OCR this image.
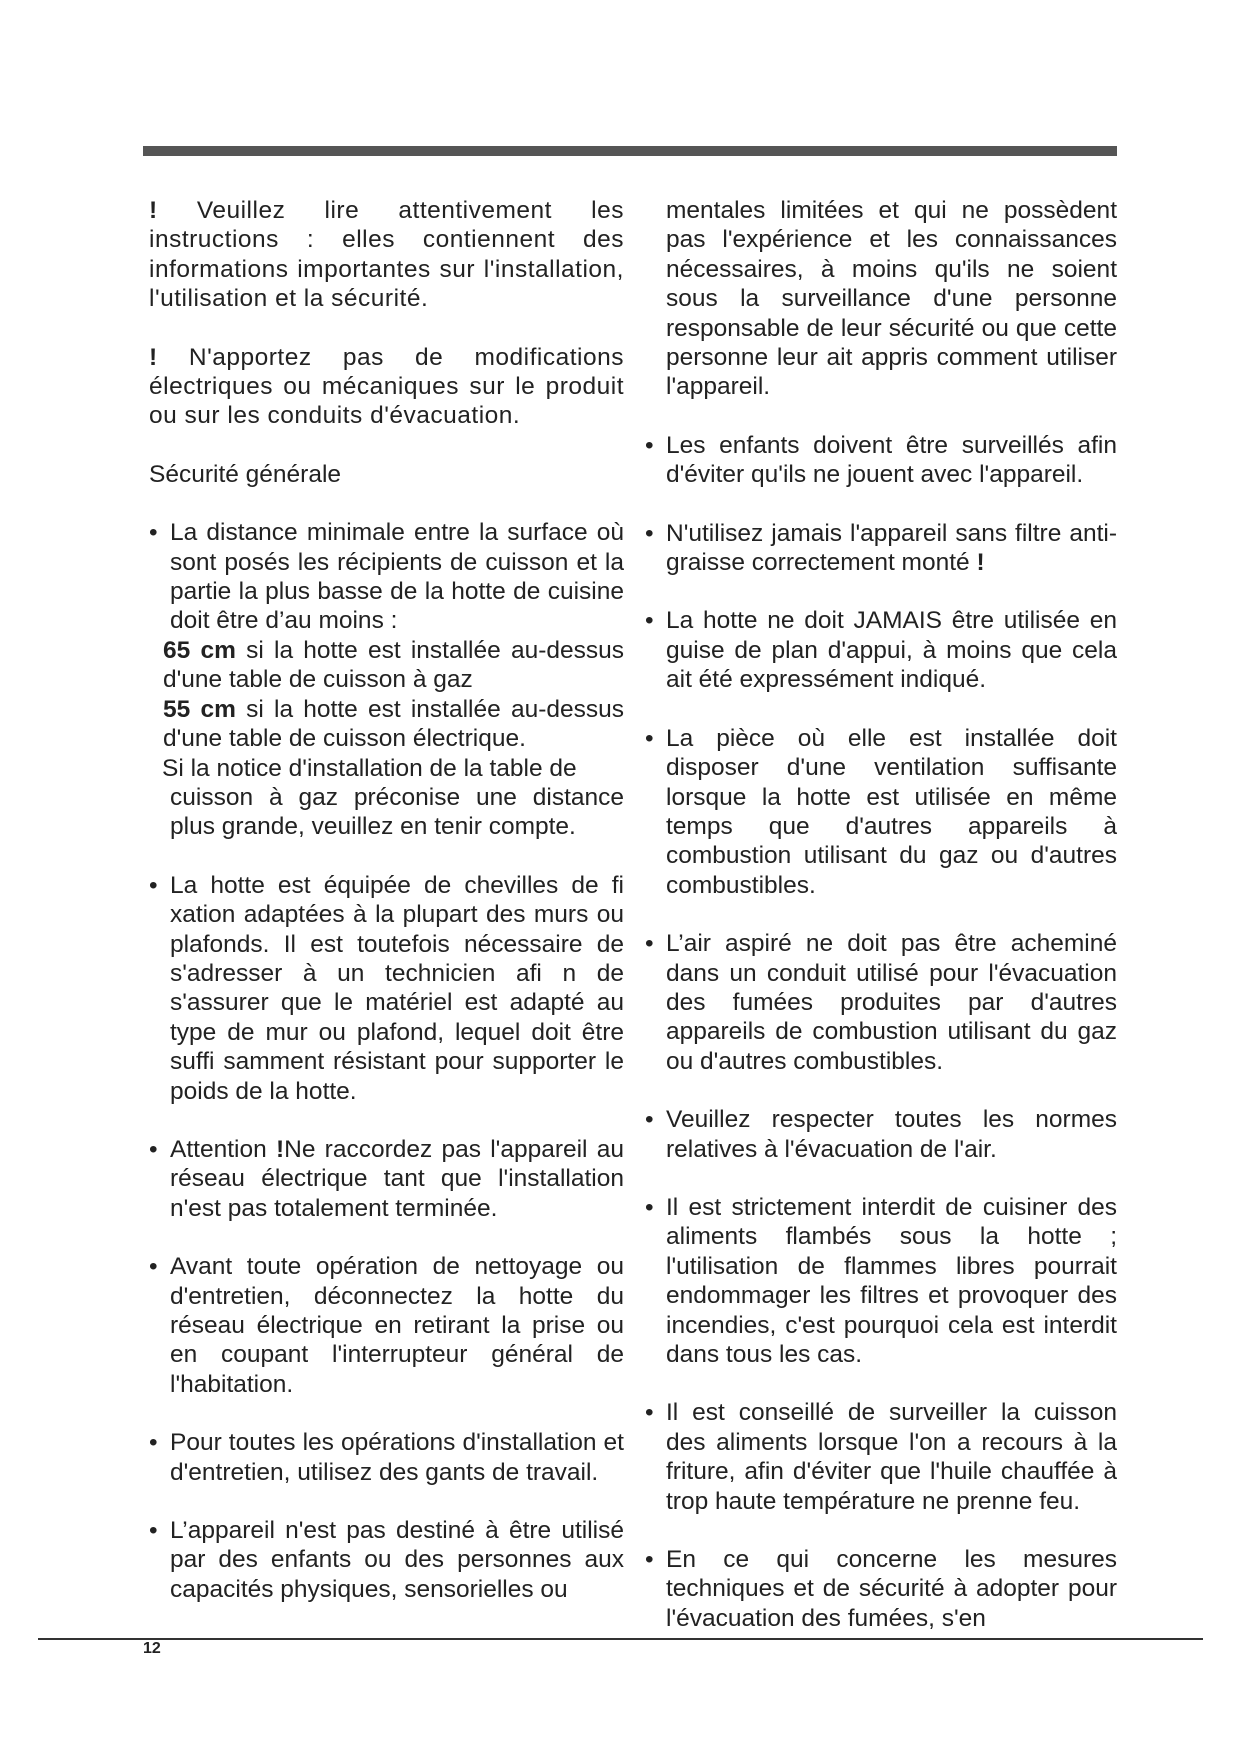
! Veuillez lire attentivement les instructions : elles contiennent des informations importantes sur l'installation, l'utilisation et la sécurité.

! N'apportez pas de modifications électriques ou mécaniques sur le produit ou sur les conduits d'évacuation.

Sécurité générale

• La distance minimale entre la surface où sont posés les récipients de cuisson et la partie la plus basse de la hotte de cuisine doit être d’au moins :
65 cm si la hotte est installée au-dessus d'une table de cuisson à gaz
55 cm si la hotte est installée au-dessus d'une table de cuisson électrique.
Si la notice d'installation de la table de
cuisson à gaz préconise une distance plus grande, veuillez en tenir compte.

• La hotte est équipée de chevilles de fi xation adaptées à la plupart des murs ou plafonds. Il est toutefois nécessaire de s'adresser à un technicien afi n de s'assurer que le matériel est adapté au type de mur ou plafond, lequel doit être suffi samment résistant pour supporter le poids de la hotte.

• Attention !Ne raccordez pas l'appareil au réseau électrique tant que l'installation n'est pas totalement terminée.

• Avant toute opération de nettoyage ou d'entretien, déconnectez la hotte du réseau électrique en retirant la prise ou en coupant l'interrupteur général de l'habitation.

• Pour toutes les opérations d'installation et d'entretien, utilisez des gants de travail.

• L’appareil n'est pas destiné à être utilisé par des enfants ou des personnes aux capacités physiques, sensorielles ou

mentales limitées et qui ne possèdent pas l'expérience et les connaissances nécessaires, à moins qu'ils ne soient sous la surveillance d'une personne responsable de leur sécurité ou que cette personne leur ait appris comment utiliser l'appareil.

• Les enfants doivent être surveillés afin d'éviter qu'ils ne jouent avec l'appareil.

• N'utilisez jamais l'appareil sans filtre anti-graisse correctement monté !

• La hotte ne doit JAMAIS être utilisée en guise de plan d'appui, à moins que cela ait été expressément indiqué.

• La pièce où elle est installée doit disposer d'une ventilation suffisante lorsque la hotte est utilisée en même temps que d'autres appareils à combustion utilisant du gaz ou d'autres combustibles.

• L’air aspiré ne doit pas être acheminé dans un conduit utilisé pour l'évacuation des fumées produites par d'autres appareils de combustion utilisant du gaz ou d'autres combustibles.

• Veuillez respecter toutes les normes relatives à l'évacuation de l'air.

• Il est strictement interdit de cuisiner des aliments flambés sous la hotte ; l'utilisation de flammes libres pourrait endommager les filtres et provoquer des incendies, c'est pourquoi cela est interdit dans tous les cas.

• Il est conseillé de surveiller la cuisson des aliments lorsque l'on a recours à la friture, afin d'éviter que l'huile chauffée à trop haute température ne prenne feu.

• En ce qui concerne les mesures techniques et de sécurité à adopter pour l'évacuation des fumées, s'en

12
